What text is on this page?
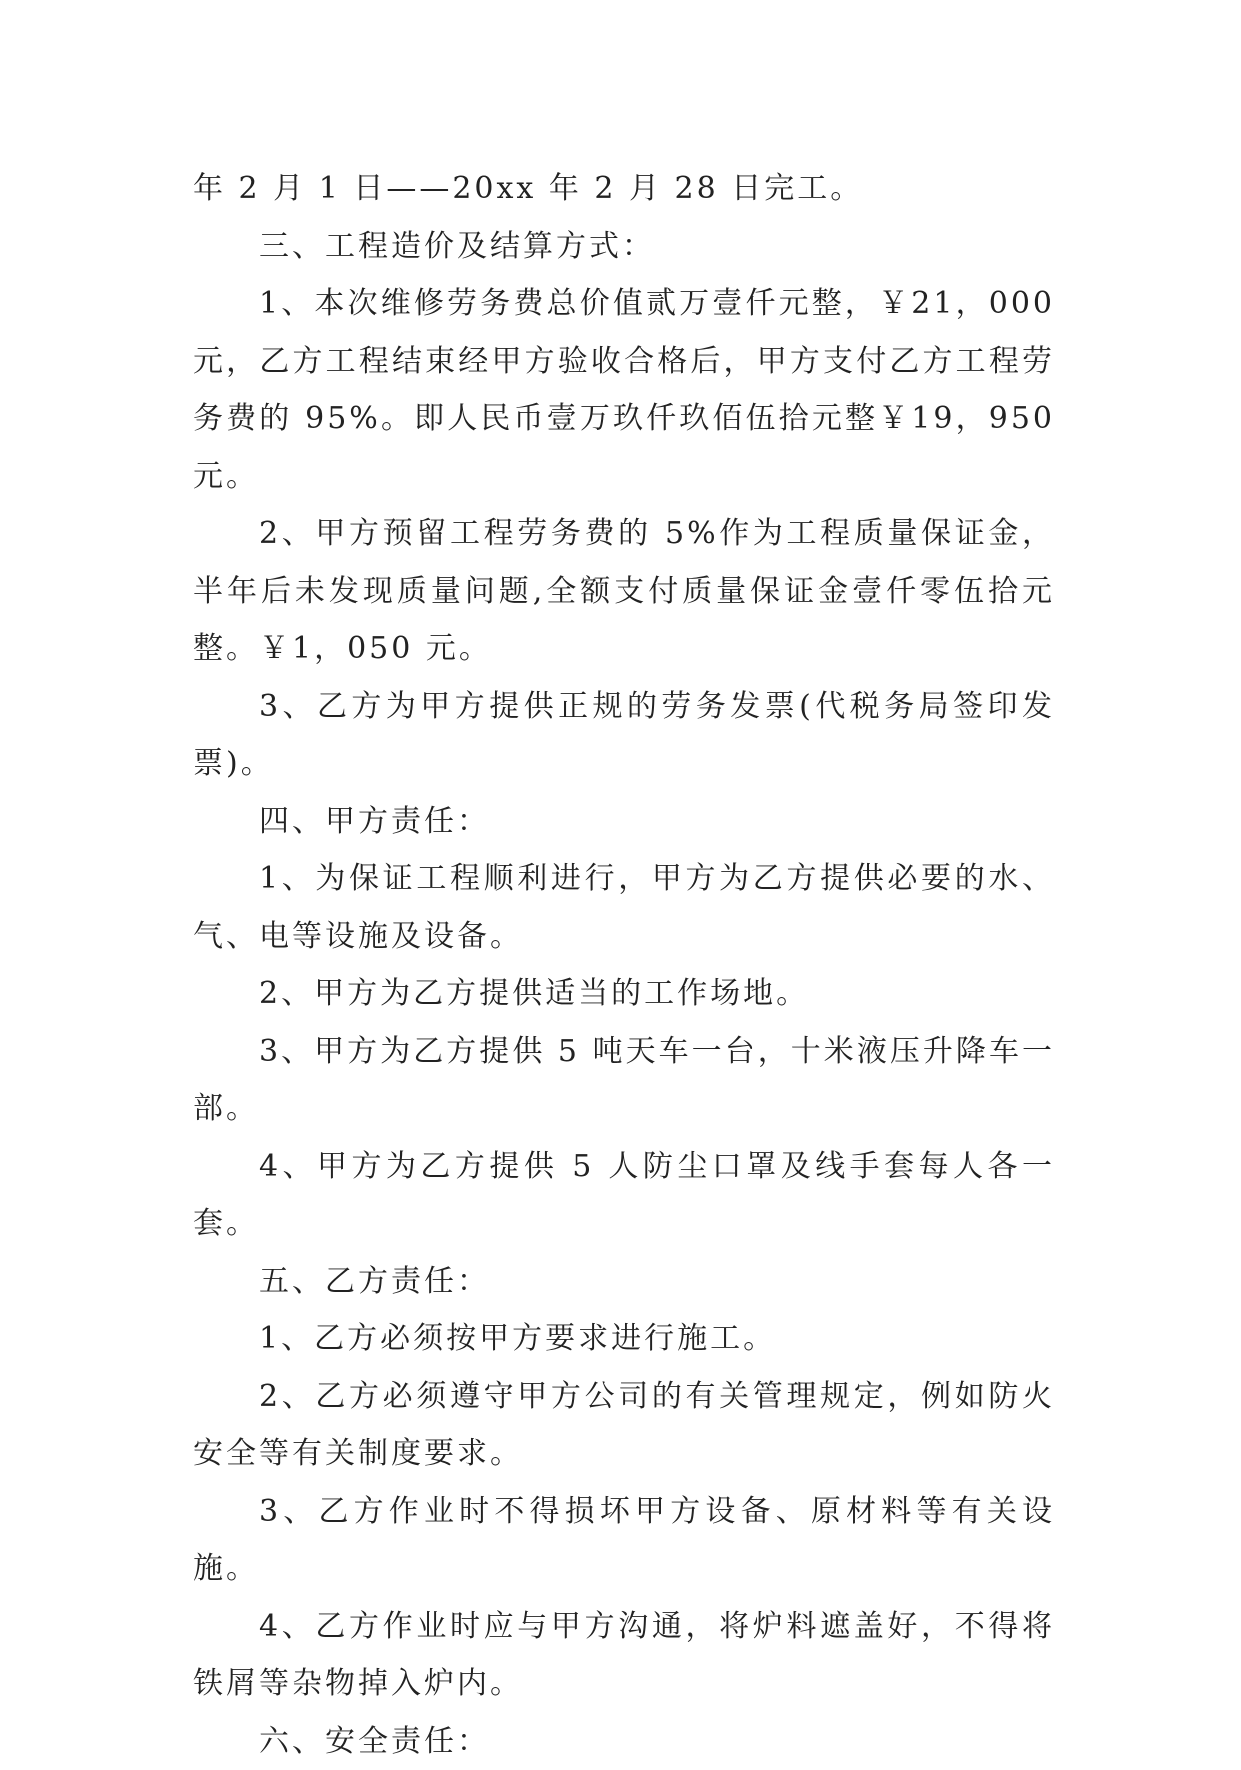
年 2 月 1 日——20xx 年 2 月 28 日完工。

三、工程造价及结算方式：

1、本次维修劳务费总价值贰万壹仟元整，￥21，000 元，乙方工程结束经甲方验收合格后，甲方支付乙方工程劳务费的 95%。即人民币壹万玖仟玖佰伍拾元整￥19，950 元。

2、甲方预留工程劳务费的 5%作为工程质量保证金，半年后未发现质量问题,全额支付质量保证金壹仟零伍拾元整。￥1，050 元。

3、乙方为甲方提供正规的劳务发票(代税务局签印发票)。

四、甲方责任：

1、为保证工程顺利进行，甲方为乙方提供必要的水、气、电等设施及设备。

2、甲方为乙方提供适当的工作场地。

3、甲方为乙方提供 5 吨天车一台，十米液压升降车一部。

4、甲方为乙方提供 5 人防尘口罩及线手套每人各一套。

五、乙方责任：

1、乙方必须按甲方要求进行施工。

2、乙方必须遵守甲方公司的有关管理规定，例如防火安全等有关制度要求。

3、乙方作业时不得损坏甲方设备、原材料等有关设施。

4、乙方作业时应与甲方沟通，将炉料遮盖好，不得将铁屑等杂物掉入炉内。

六、安全责任：
